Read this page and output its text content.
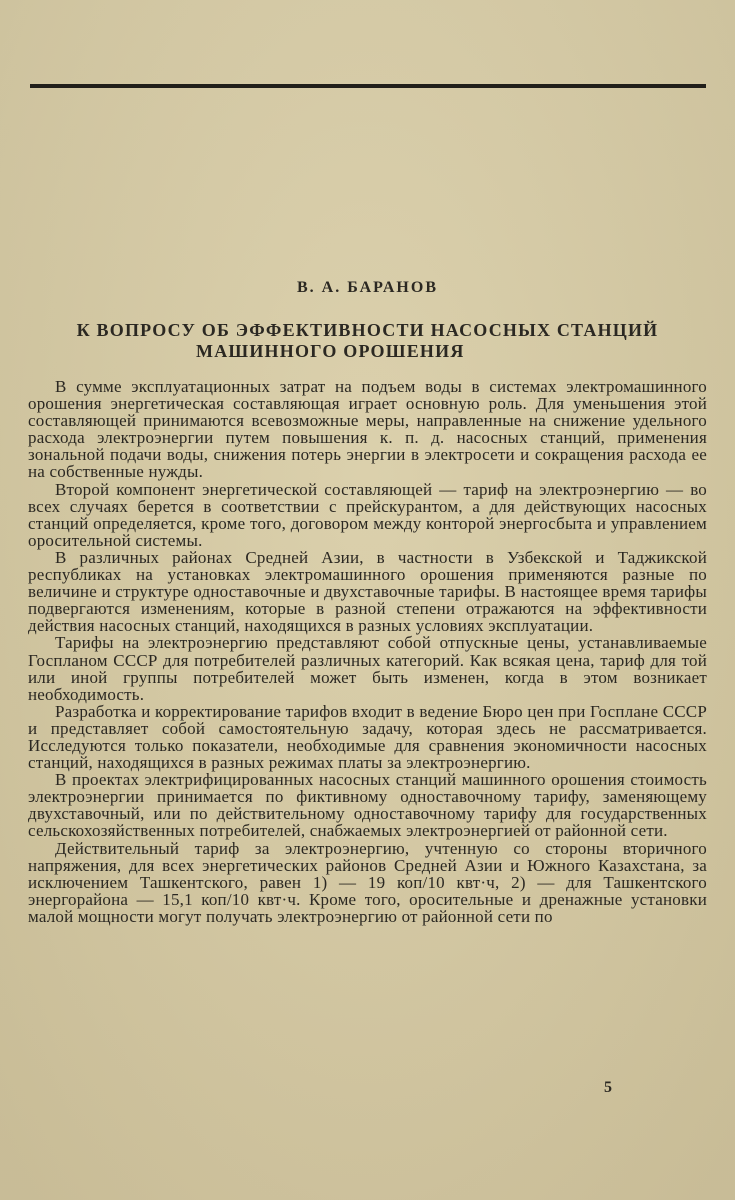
В. А. БАРАНОВ
К ВОПРОСУ ОБ ЭФФЕКТИВНОСТИ НАСОСНЫХ СТАНЦИЙ
МАШИННОГО ОРОШЕНИЯ

В сумме эксплуатационных затрат на подъем воды в системах электромашинного орошения энергетическая составляющая играет основную роль. Для уменьшения этой составляющей принимаются всевозможные меры, направленные на снижение удельного расхода электроэнергии путем повышения к. п. д. насосных станций, применения зональной подачи воды, снижения потерь энергии в электросети и сокращения расхода ее на собственные нужды.

Второй компонент энергетической составляющей — тариф на электроэнергию — во всех случаях берется в соответствии с прейскурантом, а для действующих насосных станций определяется, кроме того, договором между конторой энергосбыта и управлением оросительной системы.

В различных районах Средней Азии, в частности в Узбекской и Таджикской республиках на установках электромашинного орошения применяются разные по величине и структуре одноставочные и двухставочные тарифы. В настоящее время тарифы подвергаются изменениям, которые в разной степени отражаются на эффективности действия насосных станций, находящихся в разных условиях эксплуатации.

Тарифы на электроэнергию представляют собой отпускные цены, устанавливаемые Госпланом СССР для потребителей различных категорий. Как всякая цена, тариф для той или иной группы потребителей может быть изменен, когда в этом возникает необходимость.

Разработка и корректирование тарифов входит в ведение Бюро цен при Госплане СССР и представляет собой самостоятельную задачу, которая здесь не рассматривается. Исследуются только показатели, необходимые для сравнения экономичности насосных станций, находящихся в разных режимах платы за электроэнергию.

В проектах электрифицированных насосных станций машинного орошения стоимость электроэнергии принимается по фиктивному одноставочному тарифу, заменяющему двухставочный, или по действительному одноставочному тарифу для государственных сельскохозяйственных потребителей, снабжаемых электроэнергией от районной сети.

Действительный тариф за электроэнергию, учтенную со стороны вторичного напряжения, для всех энергетических районов Средней Азии и Южного Казахстана, за исключением Ташкентского, равен 1) — 19 коп/10 квт·ч, 2) — для Ташкентского энергорайона — 15,1 коп/10 квт·ч. Кроме того, оросительные и дренажные установки малой мощности могут получать электроэнергию от районной сети по

5
